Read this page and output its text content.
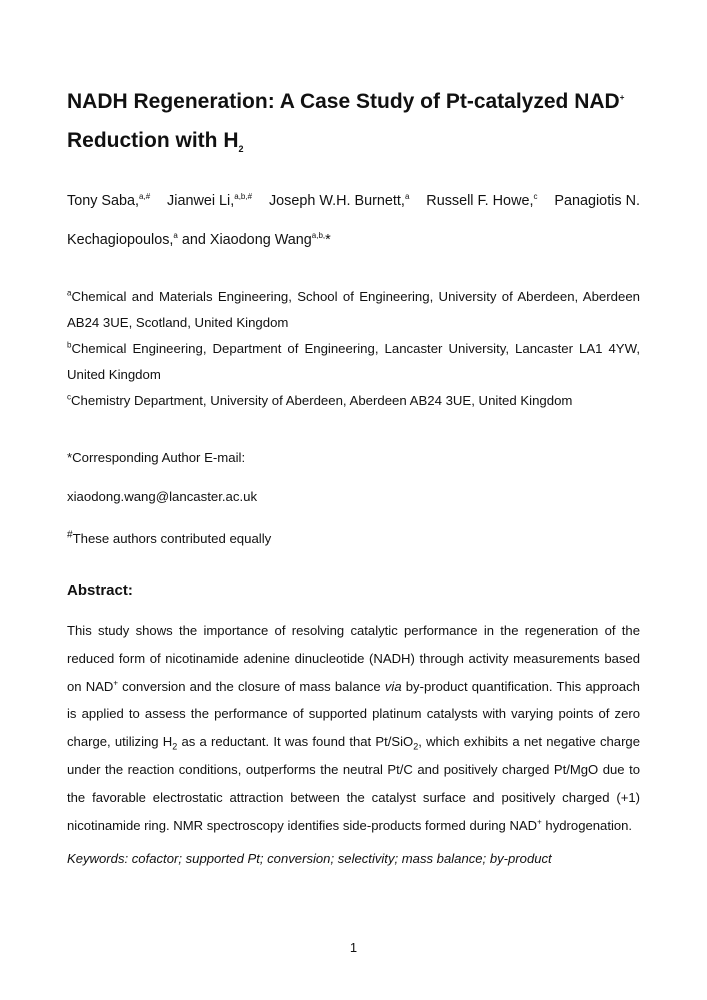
NADH Regeneration: A Case Study of Pt-catalyzed NAD+
Reduction with $H_2$
Tony Saba,$^{a,\#}$ Jianwei Li,$^{a,b,\#}$ Joseph W.H. Burnett,$^a$ Russell F. Howe,$^c$ Panagiotis N.
Kechagiopoulos,$^a$ and Xiaodong Wang$^{a,b,}$*
$^a$Chemical and Materials Engineering, School of Engineering, University of Aberdeen, Aberdeen
AB24 3UE, Scotland, United Kingdom
$^b$Chemical Engineering, Department of Engineering, Lancaster University, Lancaster LA1 4YW,
United Kingdom
$^c$Chemistry Department, University of Aberdeen, Aberdeen AB24 3UE, United Kingdom
*Corresponding Author E-mail:
xiaodong.wang@lancaster.ac.uk
#These authors contributed equally
Abstract:
This study shows the importance of resolving catalytic performance in the regeneration of the reduced form of nicotinamide adenine dinucleotide (NADH) through activity measurements based on NAD+ conversion and the closure of mass balance via by-product quantification. This approach is applied to assess the performance of supported platinum catalysts with varying points of zero charge, utilizing $H_2$ as a reductant. It was found that Pt/SiO$_2$, which exhibits a net negative charge under the reaction conditions, outperforms the neutral Pt/C and positively charged Pt/MgO due to the favorable electrostatic attraction between the catalyst surface and positively charged (+1) nicotinamide ring. NMR spectroscopy identifies side-products formed during NAD+ hydrogenation.
Keywords: cofactor; supported Pt; conversion; selectivity; mass balance; by-product
1
